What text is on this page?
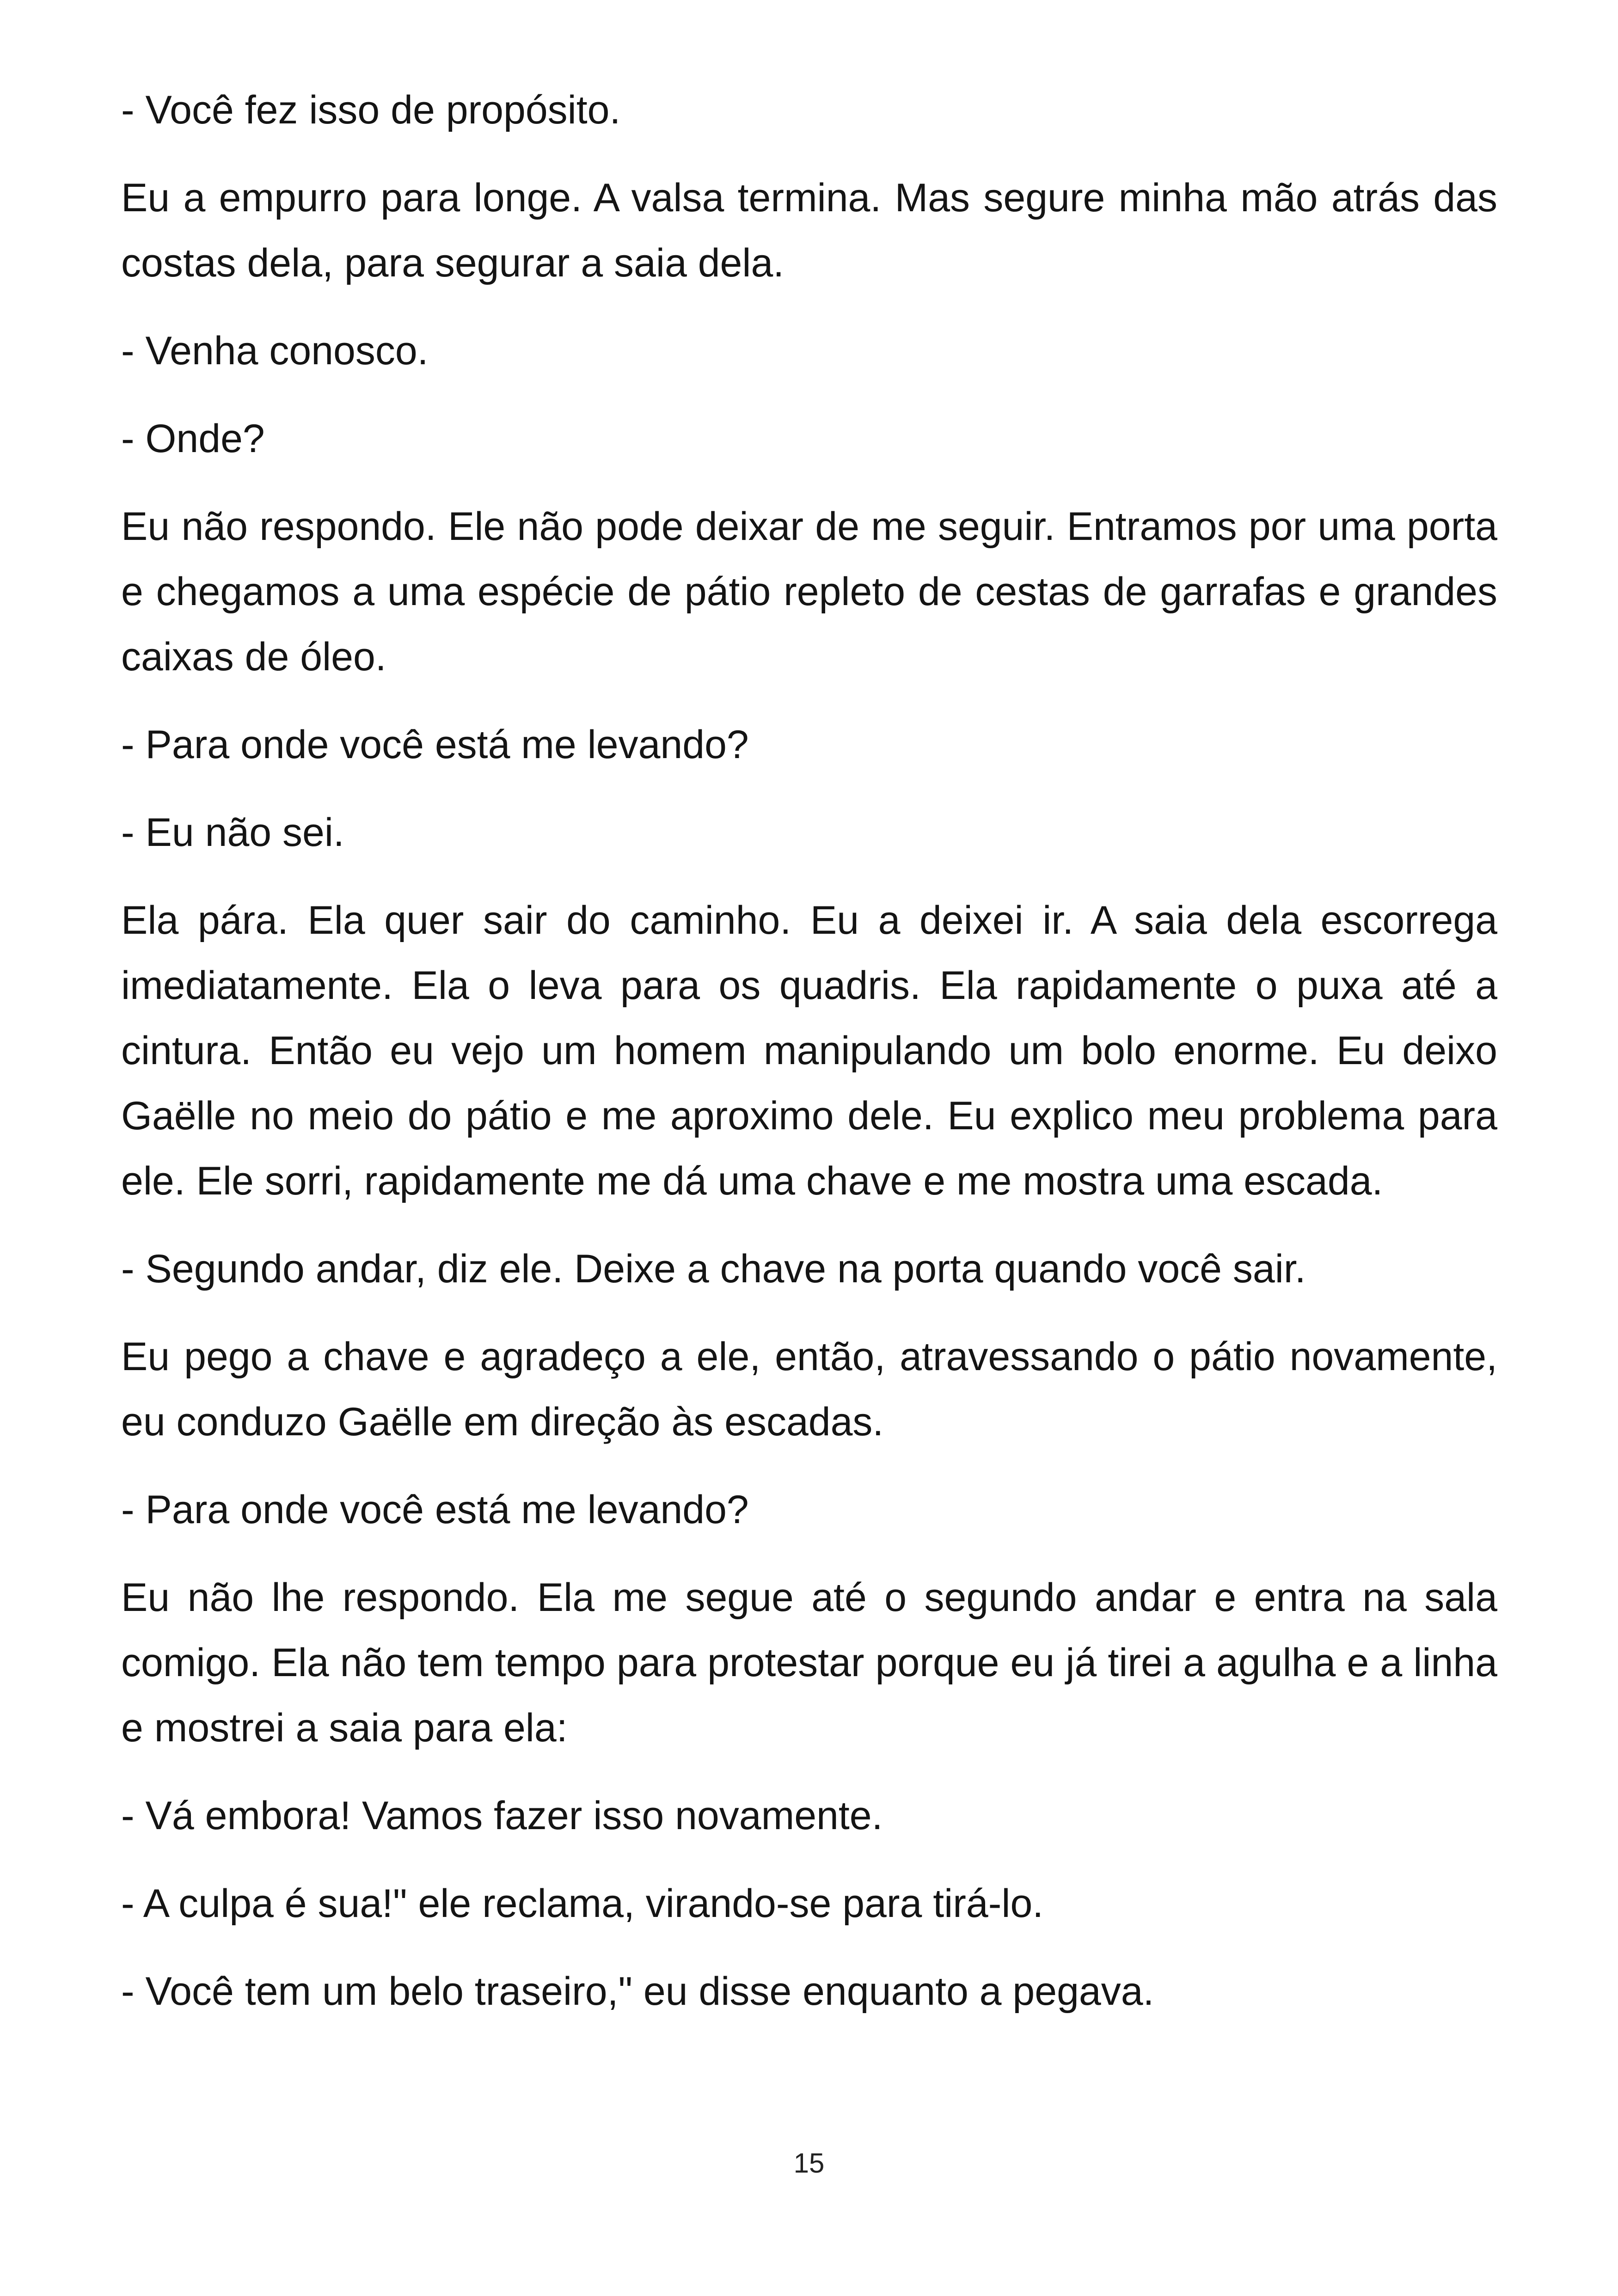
- Você fez isso de propósito.

Eu a empurro para longe. A valsa termina. Mas segure minha mão atrás das costas dela, para segurar a saia dela.

- Venha conosco.

- Onde?

Eu não respondo. Ele não pode deixar de me seguir. Entramos por uma porta e chegamos a uma espécie de pátio repleto de cestas de garrafas e grandes caixas de óleo.

- Para onde você está me levando?

- Eu não sei.

Ela pára. Ela quer sair do caminho. Eu a deixei ir. A saia dela escorrega imediatamente. Ela o leva para os quadris. Ela rapidamente o puxa até a cintura. Então eu vejo um homem manipulando um bolo enorme. Eu deixo Gaëlle no meio do pátio e me aproximo dele. Eu explico meu problema para ele. Ele sorri, rapidamente me dá uma chave e me mostra uma escada.

- Segundo andar, diz ele. Deixe a chave na porta quando você sair.

Eu pego a chave e agradeço a ele, então, atravessando o pátio novamente, eu conduzo Gaëlle em direção às escadas.

- Para onde você está me levando?

Eu não lhe respondo. Ela me segue até o segundo andar e entra na sala comigo. Ela não tem tempo para protestar porque eu já tirei a agulha e a linha e mostrei a saia para ela:

- Vá embora! Vamos fazer isso novamente.

- A culpa é sua!" ele reclama, virando-se para tirá-lo.

- Você tem um belo traseiro," eu disse enquanto a pegava.

15
